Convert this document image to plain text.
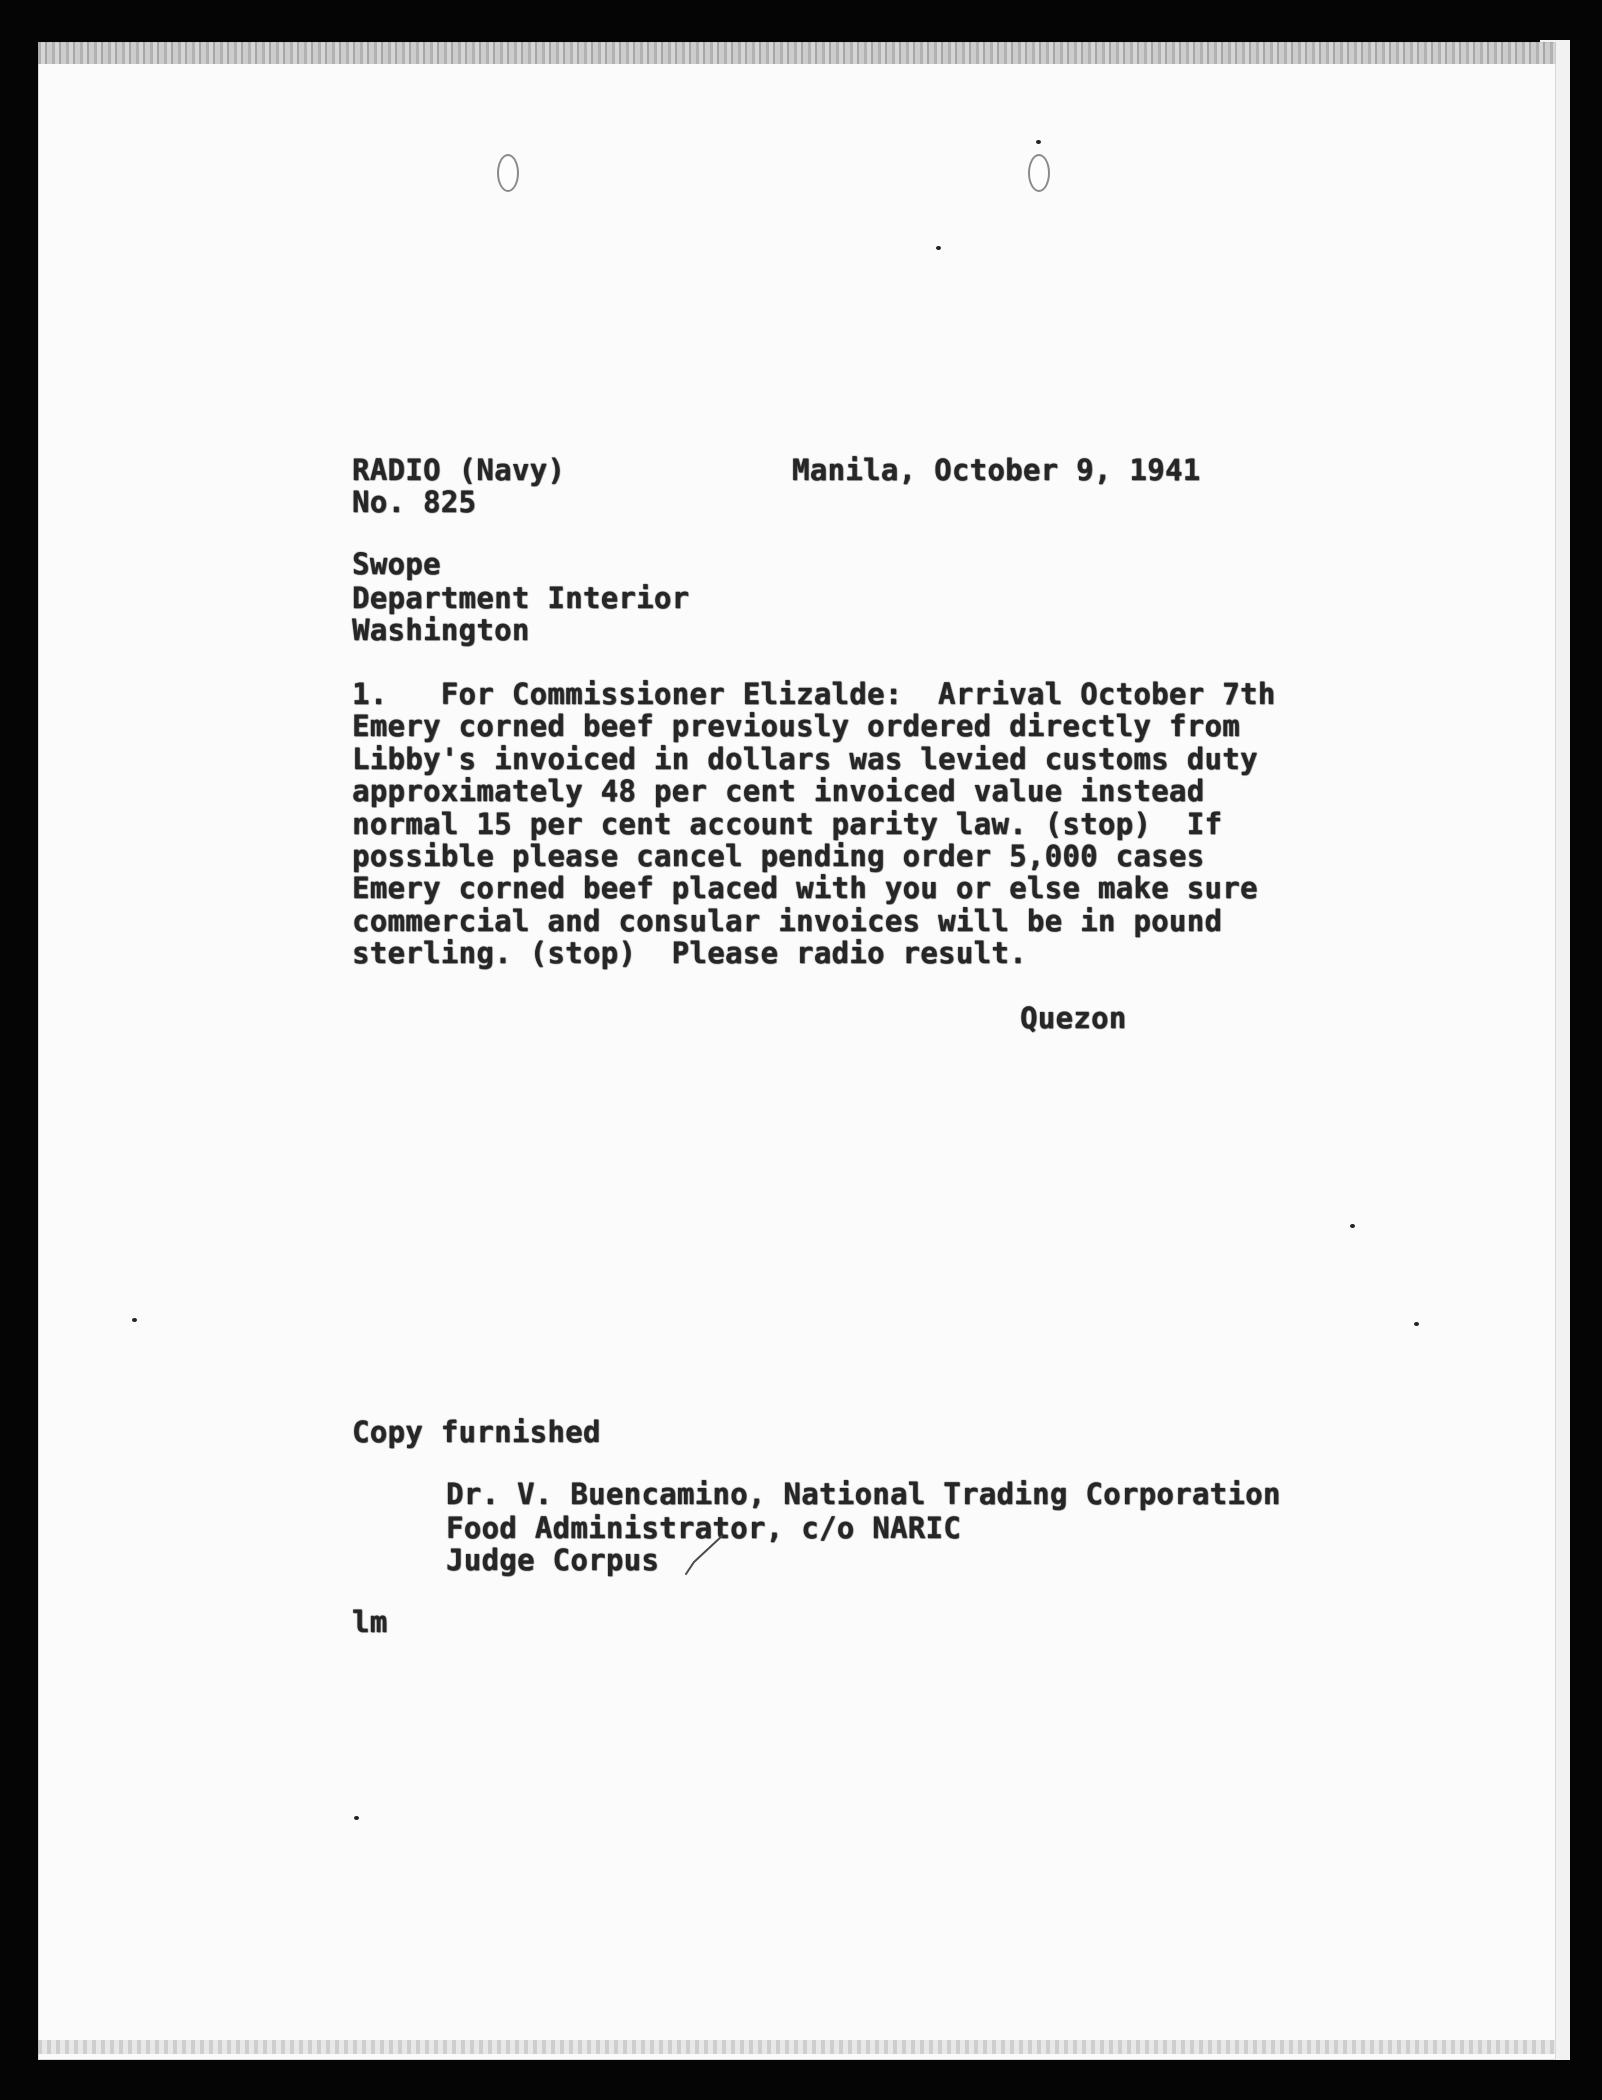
RADIO (Navy)
No. 825
Manila, October 9, 1941
Swope
Department Interior
Washington
1.   For Commissioner Elizalde:  Arrival October 7th
Emery corned beef previously ordered directly from
Libby's invoiced in dollars was levied customs duty
approximately 48 per cent invoiced value instead
normal 15 per cent account parity law. (stop)  If
possible please cancel pending order 5,000 cases
Emery corned beef placed with you or else make sure
commercial and consular invoices will be in pound
sterling. (stop)  Please radio result.
Quezon
Copy furnished
Dr. V. Buencamino, National Trading Corporation
Food Administrator, c/o NARIC
Judge Corpus
lm
